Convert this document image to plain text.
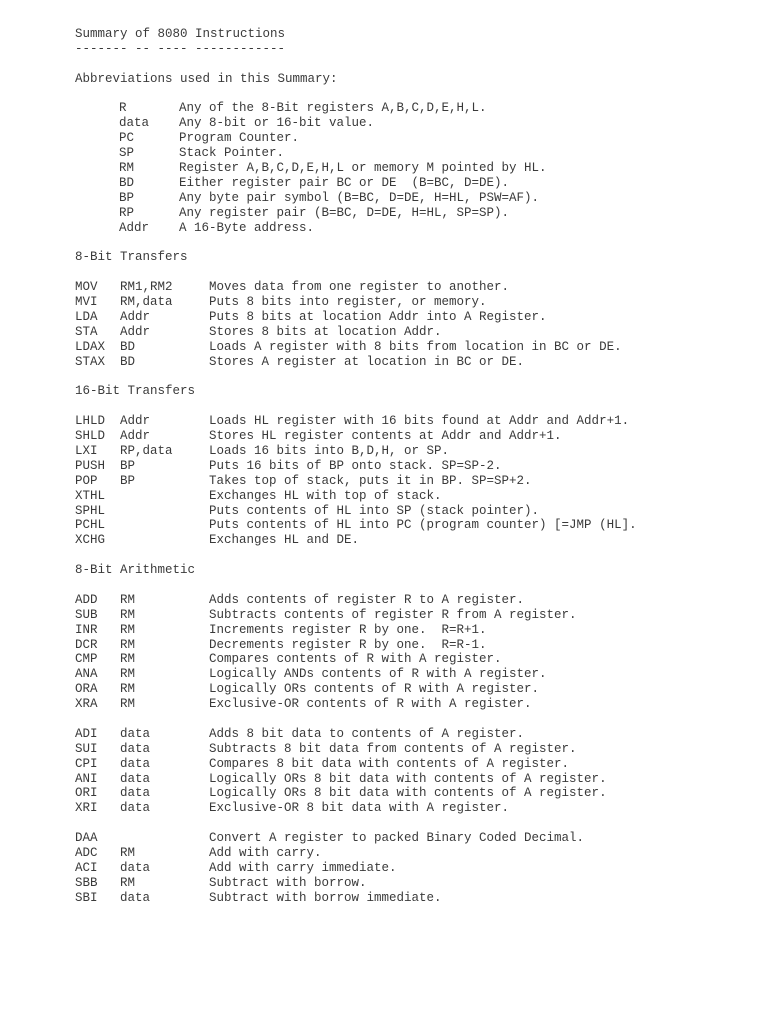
Summary of 8080 Instructions
------- -- ---- ------------
Abbreviations used in this Summary:
R	Any of the 8-Bit registers A,B,C,D,E,H,L.
data Any 8-bit or 16-bit value.
PC	Program Counter.
SP	Stack Pointer.
RM	Register A,B,C,D,E,H,L or memory M pointed by HL.
BD	Either register pair BC or DE  (B=BC, D=DE).
BP	Any byte pair symbol (B=BC, D=DE, H=HL, PSW=AF).
RP	Any register pair (B=BC, D=DE, H=HL, SP=SP).
Addr A 16-Byte address.
8-Bit Transfers
MOV RM1,RM2	Moves data from one register to another.
MVI RM,data	Puts 8 bits into register, or memory.
LDA Addr	Puts 8 bits at location Addr into A Register.
STA Addr	Stores 8 bits at location Addr.
LDAX BD	Loads A register with 8 bits from location in BC or DE.
STAX BD	Stores A register at location in BC or DE.
16-Bit Transfers
LHLD Addr	Loads HL register with 16 bits found at Addr and Addr+1.
SHLD Addr	Stores HL register contents at Addr and Addr+1.
LXI RP,data	Loads 16 bits into B,D,H, or SP.
PUSH BP	Puts 16 bits of BP onto stack. SP=SP-2.
POP BP	Takes top of stack, puts it in BP. SP=SP+2.
XTHL	Exchanges HL with top of stack.
SPHL	Puts contents of HL into SP (stack pointer).
PCHL	Puts contents of HL into PC (program counter) [=JMP (HL].
XCHG	Exchanges HL and DE.
8-Bit Arithmetic
ADD RM	Adds contents of register R to A register.
SUB RM	Subtracts contents of register R from A register.
INR RM	Increments register R by one.  R=R+1.
DCR RM	Decrements register R by one.  R=R-1.
CMP RM	Compares contents of R with A register.
ANA RM	Logically ANDs contents of R with A register.
ORA RM	Logically ORs contents of R with A register.
XRA RM	Exclusive-OR contents of R with A register.
ADI data	Adds 8 bit data to contents of A register.
SUI data	Subtracts 8 bit data from contents of A register.
CPI data	Compares 8 bit data with contents of A register.
ANI data	Logically ORs 8 bit data with contents of A register.
ORI data	Logically ORs 8 bit data with contents of A register.
XRI data	Exclusive-OR 8 bit data with A register.
DAA	Convert A register to packed Binary Coded Decimal.
ADC RM	Add with carry.
ACI data	Add with carry immediate.
SBB RM	Subtract with borrow.
SBI data	Subtract with borrow immediate.
